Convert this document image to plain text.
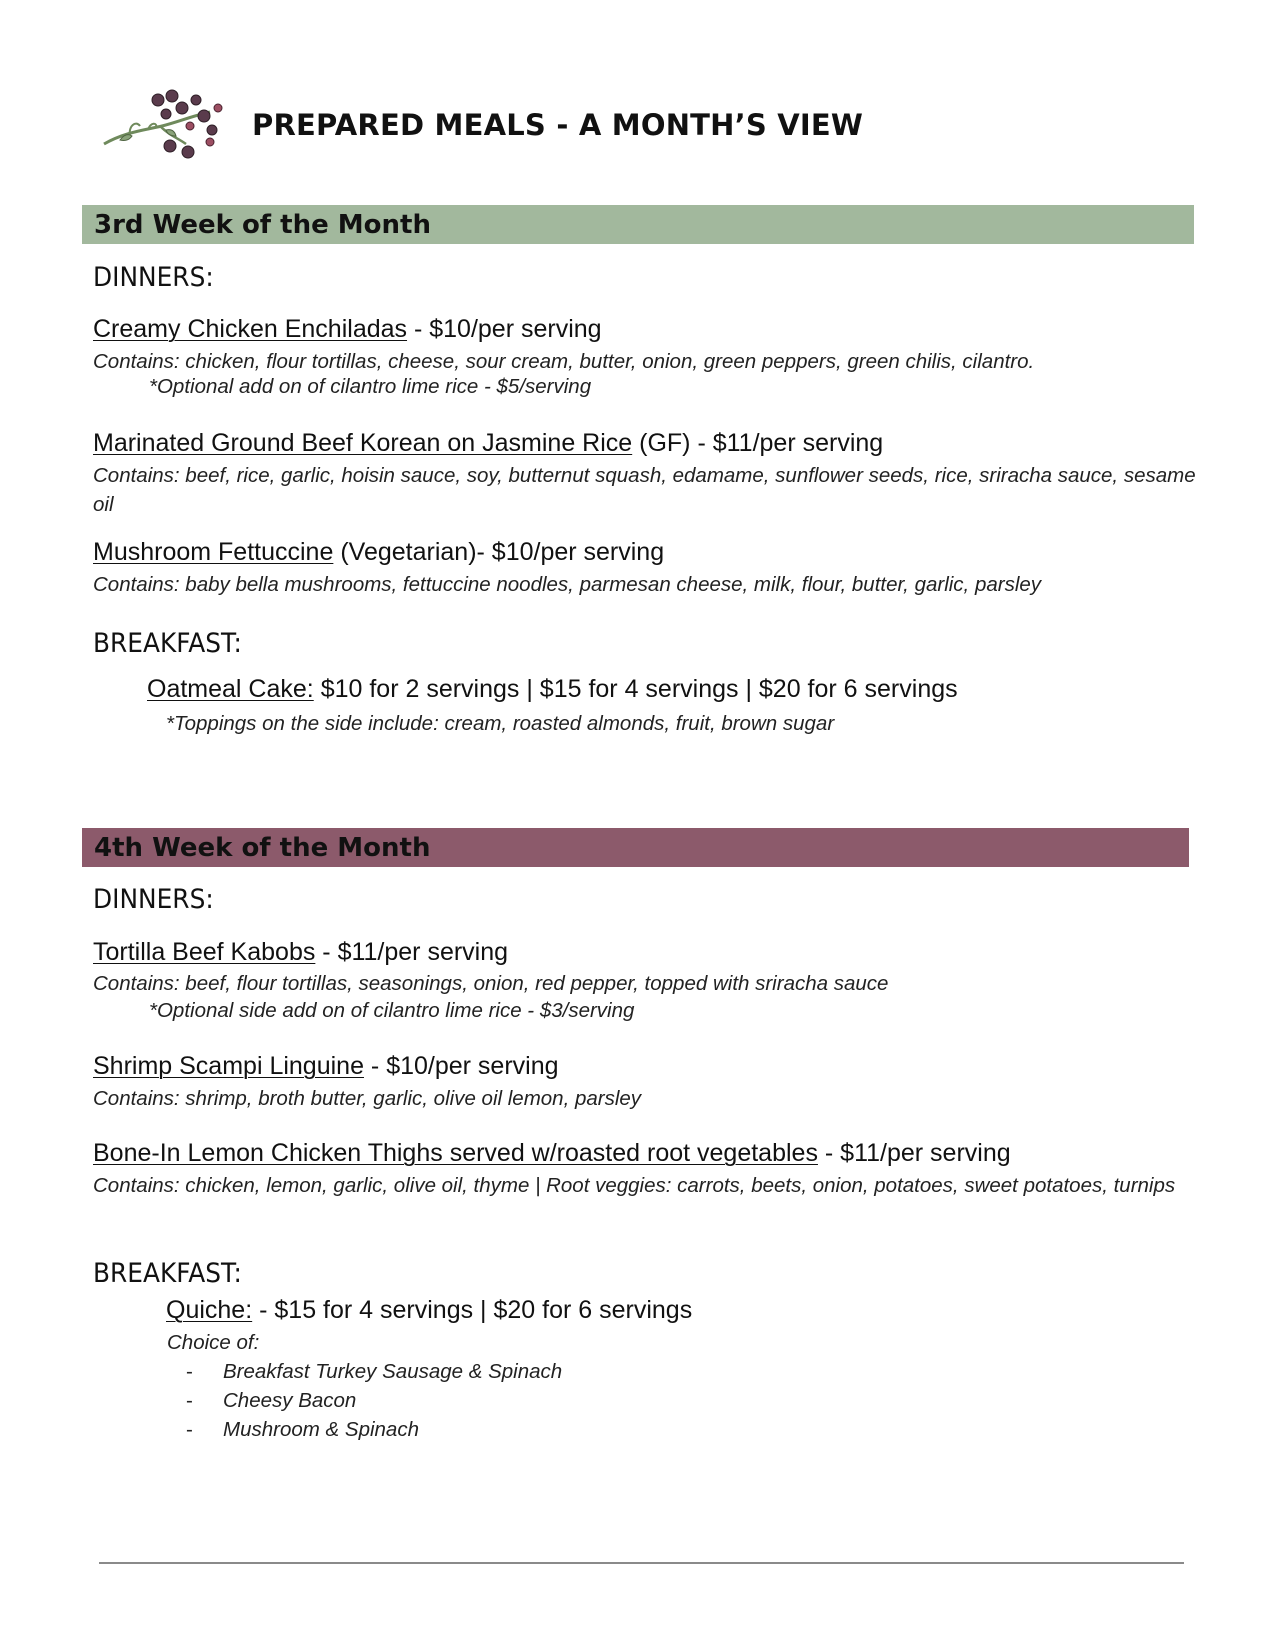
PREPARED MEALS - A MONTH’S VIEW
3rd Week of the Month
DINNERS:
Creamy Chicken Enchiladas - $10/per serving
Contains: chicken, flour tortillas, cheese, sour cream, butter, onion, green peppers, green chilis, cilantro.
*Optional add on of cilantro lime rice - $5/serving
Marinated Ground Beef Korean on Jasmine Rice (GF) - $11/per serving
Contains: beef, rice, garlic, hoisin sauce, soy, butternut squash, edamame, sunflower seeds, rice, sriracha sauce, sesame oil
Mushroom Fettuccine (Vegetarian)- $10/per serving
Contains: baby bella mushrooms, fettuccine noodles, parmesan cheese, milk, flour, butter, garlic, parsley
BREAKFAST:
Oatmeal Cake: $10 for 2 servings | $15 for 4 servings | $20 for 6 servings
*Toppings on the side include: cream, roasted almonds, fruit, brown sugar
4th Week of the Month
DINNERS:
Tortilla Beef Kabobs - $11/per serving
Contains: beef, flour tortillas, seasonings, onion, red pepper, topped with sriracha sauce
*Optional side add on of cilantro lime rice - $3/serving
Shrimp Scampi Linguine - $10/per serving
Contains: shrimp, broth butter, garlic, olive oil lemon, parsley
Bone-In Lemon Chicken Thighs served w/roasted root vegetables - $11/per serving
Contains: chicken, lemon, garlic, olive oil, thyme | Root veggies: carrots, beets, onion, potatoes, sweet potatoes, turnips
BREAKFAST:
Quiche: - $15 for 4 servings | $20 for 6 servings
Choice of:
- Breakfast Turkey Sausage & Spinach
- Cheesy Bacon
- Mushroom & Spinach
